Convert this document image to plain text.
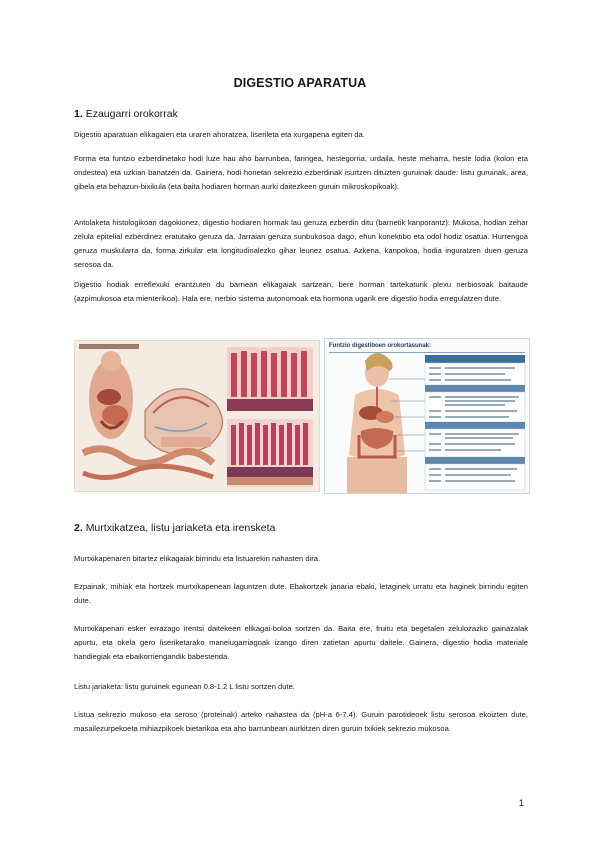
DIGESTIO APARATUA
1. Ezaugarri orokorrak
Digestio aparatuan elikagaien eta uraren ahoratzea, liserileta eta xurgapena egiten da.
Forma eta funtzio ezberdinetako hodi luze hau aho barrunbea, faringea, hestegorria, urdaila, heste meharra, heste lodia (kolon eta ondestea) eta uzkian banatzen da. Gainera, hodi honetan sekrezio ezberdinak isurtzen dituzten guruinak daude: listu guruinak, area, gibela eta behazun-bixikula (eta baita hodiaren horman aurki daitezkeen guruin mikroskopikoak).
Antolaketa histologikoari dagokionez, digestio hodiaren hormak lau geruza ezberdin ditu (barnetik kanporantz): Mukosa, hodian zehar zelula epitelial ezberdinez eratutako geruza da. Jarraian geruza sunbukosoa dago, ehun konektibo eta odol hodiz osatua. Hurrengoa geruza muskularra da, forma zirkular eta longitudinalezko gihar leunez osatua. Azkena, kanpokoa, hodia inguratzen duen geruza serosoa da.
Digestio hodiak erreflexuki erantzuten du barnean elikagaiak sartzean, bere horman tartekaturik plexu nerbiosoak baitaude (azpimukosoa eta mienterikoa). Hala ere, nerbio sistema autonomoak eta hormona ugarik ere digestio hodia erregulatzen dute.
Funtzio digestiboen orokortasunak:
2. Murtxikatzea, listu jariaketa eta irensketa
Murtxikapenaren bitartez elikagaiak birrindu eta listuarekin nahasten dira.
Ezpainak, mihiak eta hortzek murtxikapenean laguntzen dute. Ebakortzek janaria ebaki, letaginek urratu eta haginek birrindu egiten dute.
Murtxikapenari esker errazago irentsi daitekeen elikagai-boloa sortzen da. Baita ere, fruitu eta begetalen zelulozazko gainazalak apurtu, eta okela gero liseriketarako maneiugarriagoak izango diren zatietan apurtu daitele. Gainera, digestio hodia materiale handiegiak eta ebaikorriengandik babestenda.
Listu jariaketa: listu guruinek egunean 0.8-1.2 L listu sortzen dute.
Listua sekrezio mukoso eta seroso (proteinak) arteko nahastea da (pH-a 6-7.4). Guruin parotideoek listu serosoa ekoizten dute, masailezurpekoeta mihiazpikoek bietarikoa eta aho barrunbean aurkitzen diren guruin txikiek sekrezio mukosoa.
1
